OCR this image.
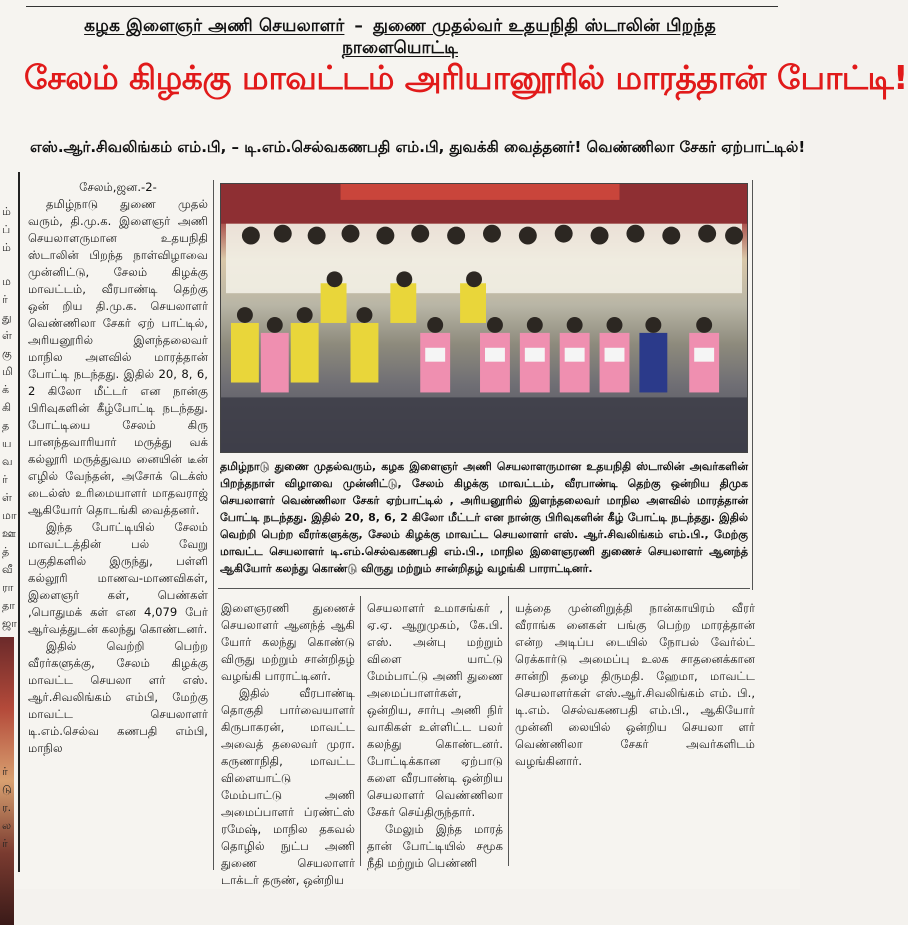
ம்
ப்
ம்
ம
ர்
து
ள்
கு
மி
க்
கி
த
ய
வ
ர்
ள்
மா
ஊ
த்
வீ
ரா
தா
ஜா
ர்
டு
ர.
ல
ர்
கழக இளைஞர் அணி செயலாளர் – துணை முதல்வர் உதயநிதி ஸ்டாலின் பிறந்த நாளையொட்டி
சேலம் கிழக்கு மாவட்டம் அரியானூரில் மாரத்தான் போட்டி!
எஸ்.ஆர்.சிவலிங்கம் எம்.பி, – டி.எம்.செல்வகணபதி எம்.பி, துவக்கி வைத்தனர்! வெண்ணிலா சேகர் ஏற்பாட்டில்!

சேலம்,ஜன.-2-

தமிழ்நாடு துணை முதல் வரும், தி.மு.க. இளைஞர் அணி செயலாளருமான உதயநிதி ஸ்டாலின் பிறந்த நாள்விழாவை முன்னிட்டு, சேலம் கிழக்கு மாவட்டம், வீரபாண்டி தெற்கு ஒன் றிய தி.மு.க. செயலாளர் வெண்ணிலா சேகர் ஏற் பாட்டில், அரியனூரில் இளந்தலைவர் மாநில அளவில் மாரத்தான் போட்டி நடந்தது. இதில் 20, 8, 6, 2 கிலோ மீட்டர் என நான்கு பிரிவுகளின் கீழ்போட்டி நடந்தது. போட்டியை சேலம் கிரு பானந்தவாரியார் மருத்து வக் கல்லூரி மருத்துவம னையின் டீன் எழில் வேந்தன், அசோக் டெக்ஸ் டைல்ஸ் உரிமையாளர் மாதவராஜ் ஆகியோர் தொடங்கி வைத்தனர்.

இந்த போட்டியில் சேலம் மாவட்டத்தின் பல் வேறு பகுதிகளில் இருந்து, பள்ளி கல்லூரி மாணவ-மாணவிகள், இளைஞர் கள், பெண்கள் ,பொதுமக் கள் என 4,079 பேர் ஆர்வத்துடன் கலந்து கொண்டனர்.

இதில் வெற்றி பெற்ற வீரர்களுக்கு, சேலம் கிழக்கு மாவட்ட செயலா ளர் எஸ். ஆர்.சிவலிங்கம் எம்பி, மேற்கு மாவட்ட செயலாளர் டி.எம்.செல்வ கணபதி எம்பி, மாநில

தமிழ்நாடு துணை முதல்வரும், கழக இளைஞர் அணி செயலாளருமான உதயநிதி ஸ்டாலின் அவர்களின் பிறந்தநாள் விழாவை முன்னிட்டு, சேலம் கிழக்கு மாவட்டம், வீரபாண்டி தெற்கு ஒன்றிய திமுக செயலாளர் வெண்ணிலா சேகர் ஏற்பாட்டில் , அரியனூரில் இளந்தலைவர் மாநில அளவில் மாரத்தான் போட்டி நடந்தது. இதில் 20, 8, 6, 2 கிலோ மீட்டர் என நான்கு பிரிவுகளின் கீழ் போட்டி நடந்தது. இதில் வெற்றி பெற்ற வீரர்களுக்கு, சேலம் கிழக்கு மாவட்ட செயலாளர் எஸ். ஆர்.சிவலிங்கம் எம்.பி., மேற்கு மாவட்ட செயலாளர் டி.எம்.செல்வகணபதி எம்.பி., மாநில இளைஞரணி துணைச் செயலாளர் ஆனந்த் ஆகியோர் கலந்து கொண்டு விருது மற்றும் சான்றிதழ் வழங்கி பாராட்டினர்.

இளைஞரணி துணைச் செயலாளர் ஆனந்த் ஆகி யோர் கலந்து கொண்டு விருது மற்றும் சான்றிதழ் வழங்கி பாராட்டினர்.

இதில் வீரபாண்டி தொகுதி பார்வையாளர் கிருபாகரன், மாவட்ட அவைத் தலைவர் முரா. கருணாநிதி, மாவட்ட விளையாட்டு மேம்பாட்டு அணி அமைப்பாளர் ப்ரண்ட்ஸ் ரமேஷ், மாநில தகவல் தொழில் நுட்ப அணி துணை செயலாளர் டாக்டர் தருண், ஒன்றிய

செயலாளர் உமாசங்கர் , ஏ.ஏ. ஆறுமுகம், கே.பி. எஸ். அன்பு மற்றும் விளை யாட்டு மேம்பாட்டு அணி துணை அமைப்பாளர்கள், ஒன்றிய, சார்பு அணி நிர் வாகிகள் உள்ளிட்ட பலர் கலந்து கொண்டனர். போட்டிக்கான ஏற்பாடு களை வீரபாண்டி ஒன்றிய செயலாளர் வெண்ணிலா சேகர் செய்திருந்தார்.

மேலும் இந்த மாரத் தான் போட்டியில் சமூக நீதி மற்றும் பெண்ணி

யத்தை முன்னிறுத்தி நான்காயிரம் வீரர் வீராங்க னைகள் பங்கு பெற்ற மாரத்தான் என்ற அடிப்ப டையில் நோபல் வேர்ல்ட் ரெக்கார்டு அமைப்பு உலக சாதனைக்கான சான்றி தழை திருமதி. ஹேமா, மாவட்ட செயலாளர்கள் எஸ்.ஆர்.சிவலிங்கம் எம். பி., டி.எம். செல்வகணபதி எம்.பி., ஆகியோர் முன்னி லையில் ஒன்றிய செயலா ளர் வெண்ணிலா சேகர் அவர்களிடம் வழங்கினார்.
